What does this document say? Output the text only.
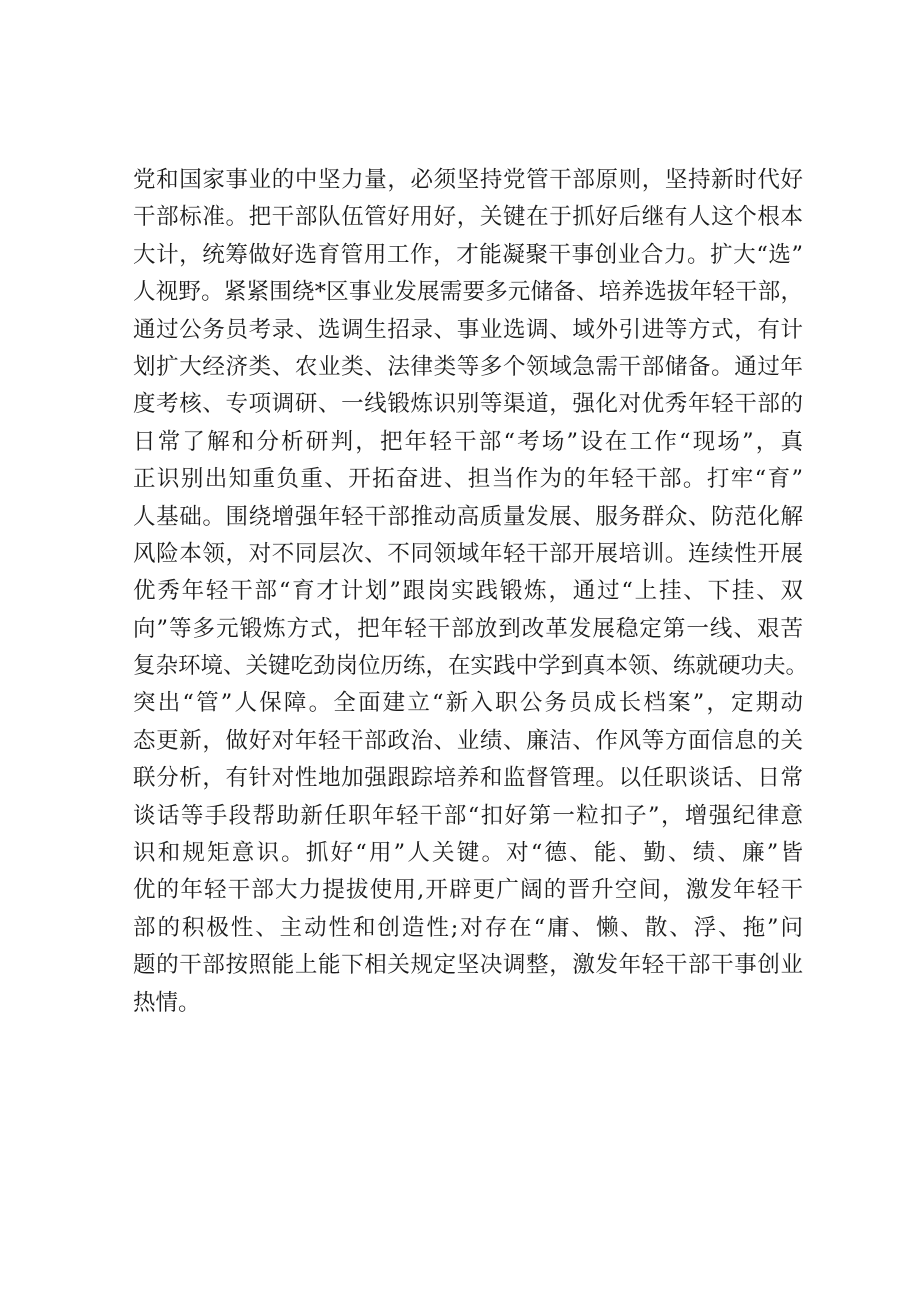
党和国家事业的中坚力量，必须坚持党管干部原则，坚持新时代好
干部标准。把干部队伍管好用好，关键在于抓好后继有人这个根本
大计，统筹做好选育管用工作，才能凝聚干事创业合力。扩大“选”
人视野。紧紧围绕*区事业发展需要多元储备、培养选拔年轻干部，
通过公务员考录、选调生招录、事业选调、域外引进等方式，有计
划扩大经济类、农业类、法律类等多个领域急需干部储备。通过年
度考核、专项调研、一线锻炼识别等渠道，强化对优秀年轻干部的
日常了解和分析研判，把年轻干部“考场”设在工作“现场”，真
正识别出知重负重、开拓奋进、担当作为的年轻干部。打牢“育”
人基础。围绕增强年轻干部推动高质量发展、服务群众、防范化解
风险本领，对不同层次、不同领域年轻干部开展培训。连续性开展
优秀年轻干部“育才计划”跟岗实践锻炼，通过“上挂、下挂、双
向”等多元锻炼方式，把年轻干部放到改革发展稳定第一线、艰苦
复杂环境、关键吃劲岗位历练，在实践中学到真本领、练就硬功夫。
突出“管”人保障。全面建立“新入职公务员成长档案”，定期动
态更新，做好对年轻干部政治、业绩、廉洁、作风等方面信息的关
联分析，有针对性地加强跟踪培养和监督管理。以任职谈话、日常
谈话等手段帮助新任职年轻干部“扣好第一粒扣子”，增强纪律意
识和规矩意识。抓好“用”人关键。对“德、能、勤、绩、廉”皆
优的年轻干部大力提拔使用,开辟更广阔的晋升空间，激发年轻干
部的积极性、主动性和创造性;对存在“庸、懒、散、浮、拖”问
题的干部按照能上能下相关规定坚决调整，激发年轻干部干事创业
热情。
